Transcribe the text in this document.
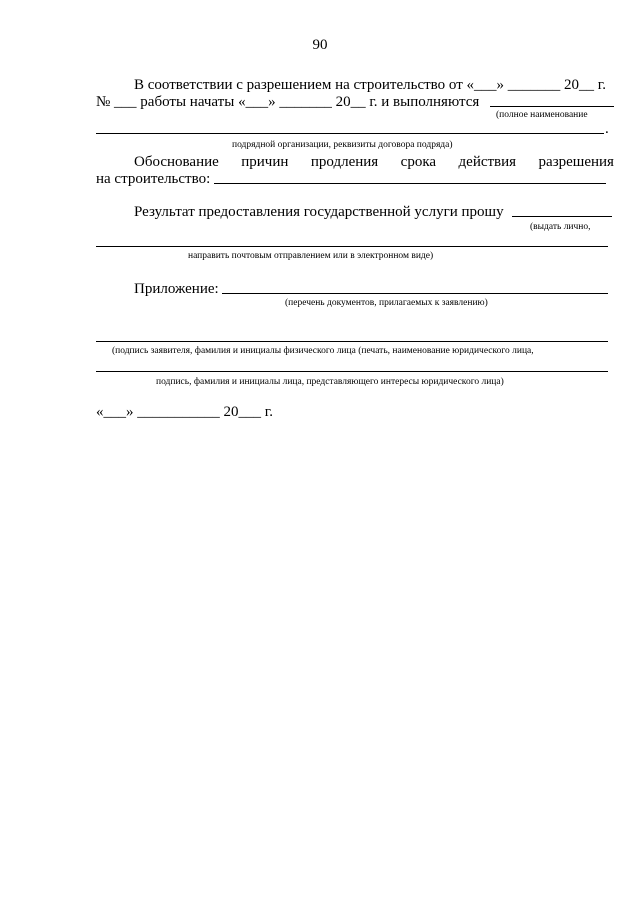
90
В соответствии с разрешением на строительство от «___» _______ 20__ г.
№ ___ работы начаты «___» _______ 20__ г. и выполняются
(полное наименование
.
подрядной организации, реквизиты договора подряда)
Обоснование причин продления срока действия разрешения
на строительство:
Результат предоставления государственной услуги прошу
(выдать лично,
направить почтовым отправлением или в электронном виде)
Приложение:
(перечень документов, прилагаемых к заявлению)
(подпись заявителя, фамилия и инициалы физического лица (печать, наименование юридического лица,
подпись, фамилия и инициалы лица, представляющего интересы юридического лица)
«___» ___________ 20___ г.
